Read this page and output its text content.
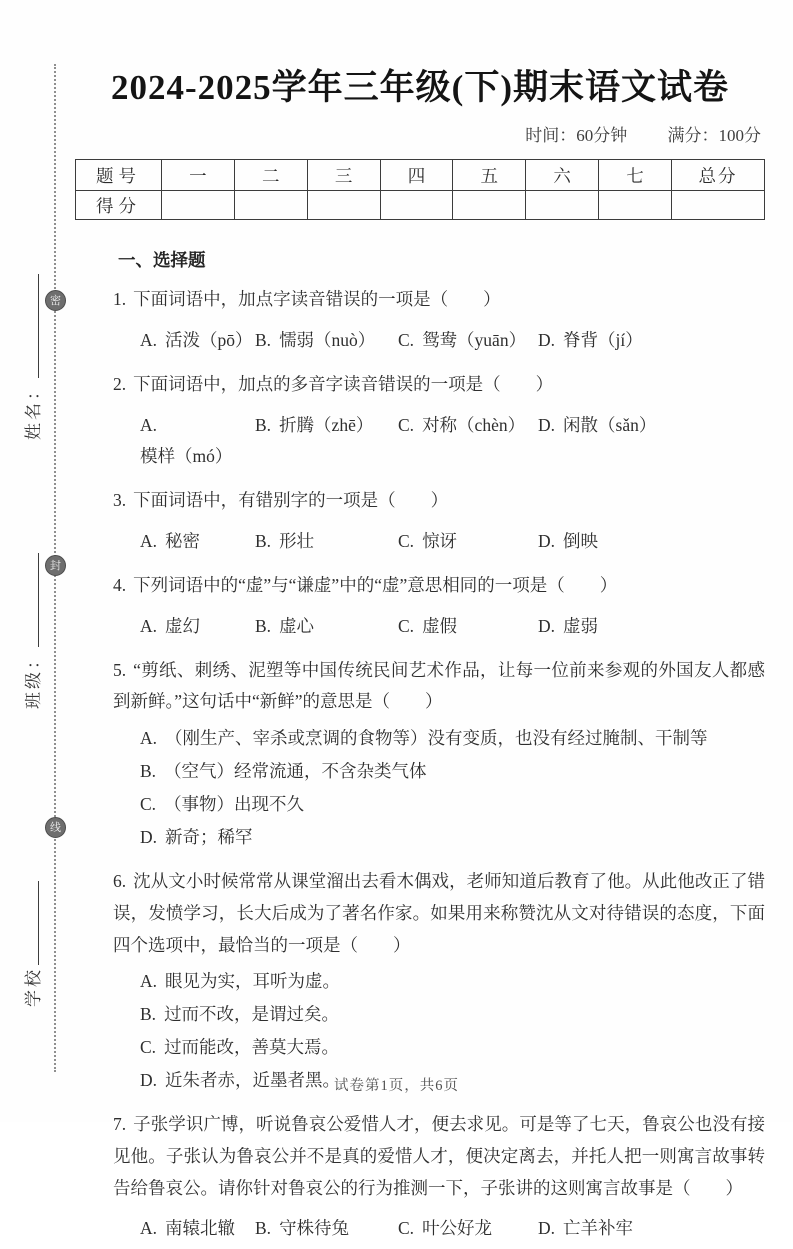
密
封
线
姓名：
班级：
学校
2024-2025学年三年级(下)期末语文试卷
时间：60分钟 满分：100分
题号	一	二	三	四	五	六	七	总分
得分								
一、选择题
1. 下面词语中，加点字读音错误的一项是（　　）
A. 活泼（pō） B. 懦弱（nuò）	C. 鸳鸯（yuān） D. 脊背（jí）
2. 下面词语中，加点的多音字读音错误的一项是（　　）
A.模样（mó）
B. 折腾（zhē）	C. 对称（chèn） D. 闲散（sǎn）
3. 下面词语中，有错别字的一项是（　　）
A. 秘密	B. 形壮	C. 惊讶	D. 倒映
4. 下列词语中的“虚”与“谦虚”中的“虚”意思相同的一项是（　　）
A. 虚幻	B. 虚心	C. 虚假	D. 虚弱
5. “剪纸、刺绣、泥塑等中国传统民间艺术作品，让每一位前来参观的外国友人都感到新鲜。”这句话中“新鲜”的意思是（　　）
A. （刚生产、宰杀或烹调的食物等）没有变质，也没有经过腌制、干制等
B. （空气）经常流通，不含杂类气体
C. （事物）出现不久
D. 新奇；稀罕
6. 沈从文小时候常常从课堂溜出去看木偶戏，老师知道后教育了他。从此他改正了错误，发愤学习，长大后成为了著名作家。如果用来称赞沈从文对待错误的态度，下面四个选项中，最恰当的一项是（　　）
A. 眼见为实，耳听为虚。
B. 过而不改，是谓过矣。
C. 过而能改，善莫大焉。
D. 近朱者赤，近墨者黑。
7. 子张学识广博，听说鲁哀公爱惜人才，便去求见。可是等了七天，鲁哀公也没有接见他。子张认为鲁哀公并不是真的爱惜人才，便决定离去，并托人把一则寓言故事转告给鲁哀公。请你针对鲁哀公的行为推测一下，子张讲的这则寓言故事是（　　）
A. 南辕北辙	B. 守株待兔	C. 叶公好龙	D. 亡羊补牢
试卷第1页，共6页
